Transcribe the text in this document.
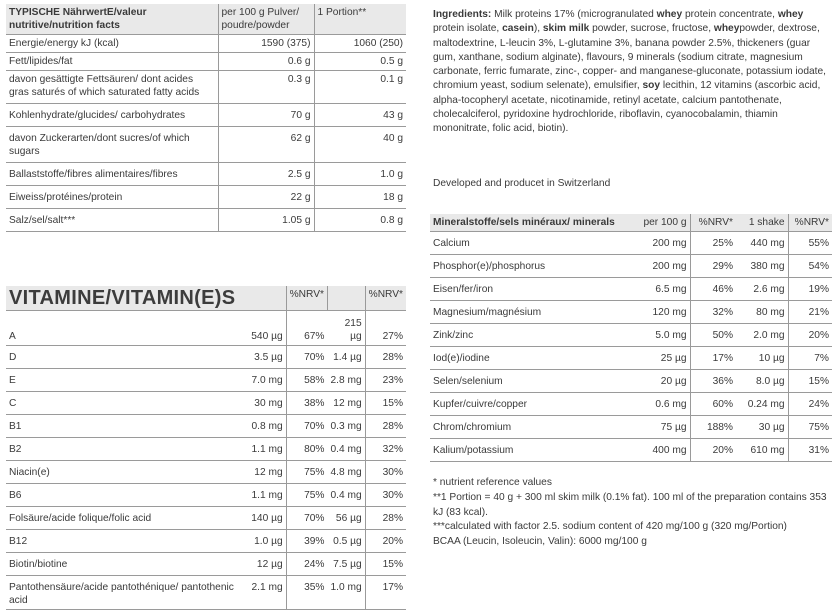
TYPISCHE NährwertE/valeur nutritive/nutrition facts	per 100 g Pulver/ poudre/powder	1 Portion**
Energie/energy kJ (kcal)	1590 (375)	1060 (250)
Fett/lipides/fat	0.6 g	0.5 g
davon gesättigte Fettsäuren/ dont acides gras saturés of which saturated fatty acids	0.3 g	0.1 g
Kohlenhydrate/glucides/ carbohydrates	70 g	43 g
davon Zuckerarten/dont sucres/of which sugars	62 g	40 g
Ballaststoffe/fibres alimentaires/fibres	2.5 g	1.0 g
Eiweiss/protéines/protein	22 g	18 g
Salz/sel/salt***	1.05 g	0.8 g
VITAMINE/VITAMIN(E)S		%NRV*		%NRV*
A	540 µg	67%	215 µg	27%
D	3.5 µg	70%	1.4 µg	28%
E	7.0 mg	58%	2.8 mg	23%
C	30 mg	38%	12 mg	15%
B1	0.8 mg	70%	0.3 mg	28%
B2	1.1 mg	80%	0.4 mg	32%
Niacin(e)	12 mg	75%	4.8 mg	30%
B6	1.1 mg	75%	0.4 mg	30%
Folsäure/acide folique/folic acid	140 µg	70%	56 µg	28%
B12	1.0 µg	39%	0.5 µg	20%
Biotin/biotine	12 µg	24%	7.5 µg	15%
Pantothensäure/acide pantothénique/ pantothenic acid	2.1 mg	35%	1.0 mg	17%
Ingredients: Milk proteins 17% (microgranulated whey protein concentrate, whey protein isolate, casein), skim milk powder, sucrose, fructose, wheypowder, dextrose, maltodextrine, L-leucin 3%, L-glutamine 3%, banana powder 2.5%, thickeners (guar gum, xanthane, sodium alginate), flavours, 9 minerals (sodium citrate, magnesium carbonate, ferric fumarate, zinc-, copper- and manganese-gluconate, potassium iodate, chromium yeast, sodium selenate), emulsifier, soy lecithin, 12 vitamins (ascorbic acid, alpha-tocopheryl acetate, nicotinamide, retinyl acetate, calcium pantothenate, cholecalciferol, pyridoxine hydrochloride, riboflavin, cyanocobalamin, thiamin mononitrate, folic acid, biotin).
Developed and producet in Switzerland
Mineralstoffe/sels minéraux/ minerals	per 100 g	%NRV*	1 shake	%NRV*
Calcium	200 mg	25%	440 mg	55%
Phosphor(e)/phosphorus	200 mg	29%	380 mg	54%
Eisen/fer/iron	6.5 mg	46%	2.6 mg	19%
Magnesium/magnésium	120 mg	32%	80 mg	21%
Zink/zinc	5.0 mg	50%	2.0 mg	20%
Iod(e)/iodine	25 µg	17%	10 µg	7%
Selen/selenium	20 µg	36%	8.0 µg	15%
Kupfer/cuivre/copper	0.6 mg	60%	0.24 mg	24%
Chrom/chromium	75 µg	188%	30 µg	75%
Kalium/potassium	400 mg	20%	610 mg	31%
* nutrient reference values
**1 Portion = 40 g + 300 ml skim milk (0.1% fat). 100 ml of the preparation contains 353 kJ (83 kcal).
***calculated with factor 2.5. sodium content of 420 mg/100 g (320 mg/Portion)
BCAA (Leucin, Isoleucin, Valin): 6000 mg/100 g
